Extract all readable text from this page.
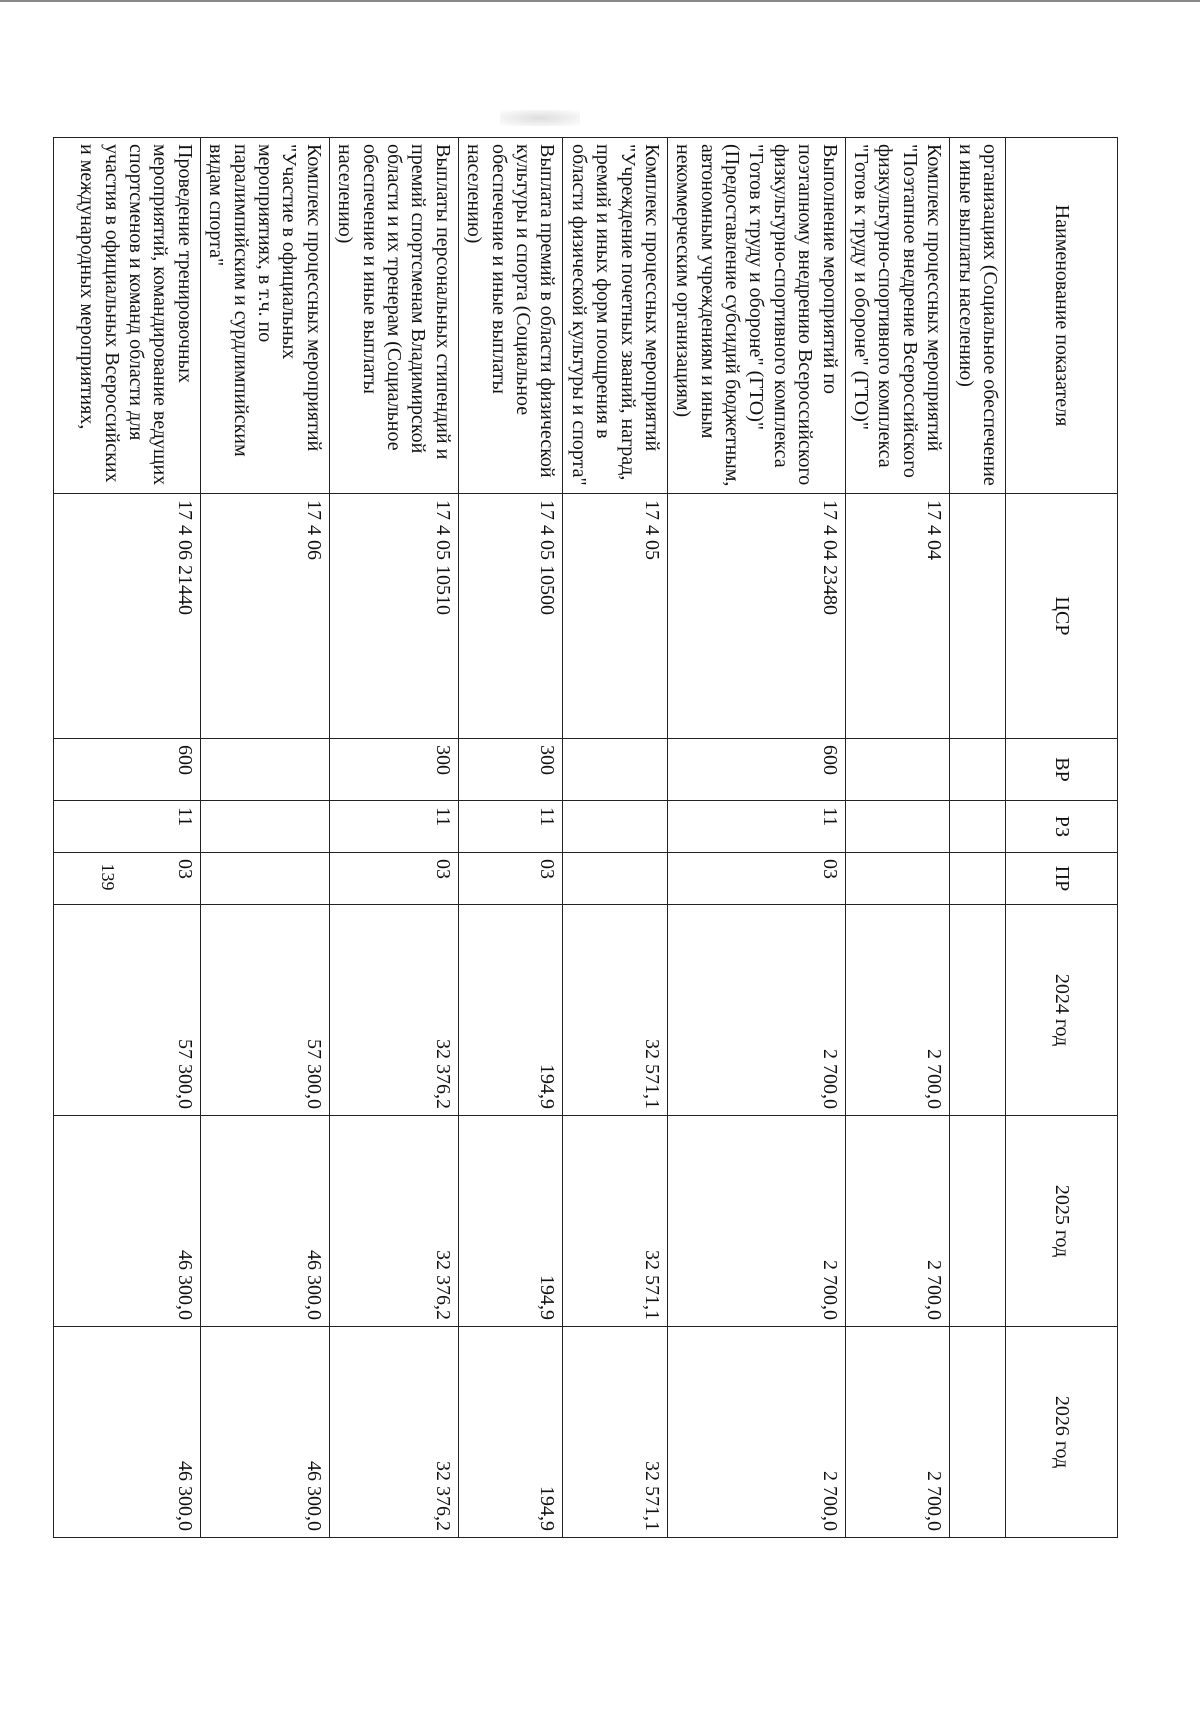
139
Наименование показателя	ЦСР	ВР	РЗ	ПР	2024 год	2025 год	2026 год
организациях (Социальное обеспечение и иные выплаты населению)							
Комплекс процессных мероприятий "Поэтапное внедрение Всероссийского физкультурно-спортивного комплекса "Готов к труду и обороне" (ГТО)"	17 4 04				2 700,0	2 700,0	2 700,0
Выполнение мероприятий по поэтапному внедрению Всероссийского физкультурно-спортивного комплекса "Готов к труду и обороне" (ГТО)" (Предоставление субсидий бюджетным, автономным учреждениям и иным некоммерческим организациям)	17 4 04 23480	600	11	03	2 700,0	2 700,0	2 700,0
Комплекс процессных мероприятий "Учреждение почетных званий, наград, премий и иных форм поощрения в области физической культуры и спорта"	17 4 05				32 571,1	32 571,1	32 571,1
Выплата премий в области физической культуры и спорта (Социальное обеспечение и иные выплаты населению)	17 4 05 10500	300	11	03	194,9	194,9	194,9
Выплаты персональных стипендий и премий спортсменам Владимирской области и их тренерам (Социальное обеспечение и иные выплаты населению)	17 4 05 10510	300	11	03	32 376,2	32 376,2	32 376,2
Комплекс процессных мероприятий "Участие в официальных мероприятиях, в т.ч. по паралимпийским и сурдлимпийским видам спорта"	17 4 06				57 300,0	46 300,0	46 300,0
Проведение тренировочных мероприятий, командирование ведущих спортсменов и команд области для участия в официальных Всероссийских и международных мероприятиях,	17 4 06 21440	600	11	03	57 300,0	46 300,0	46 300,0
